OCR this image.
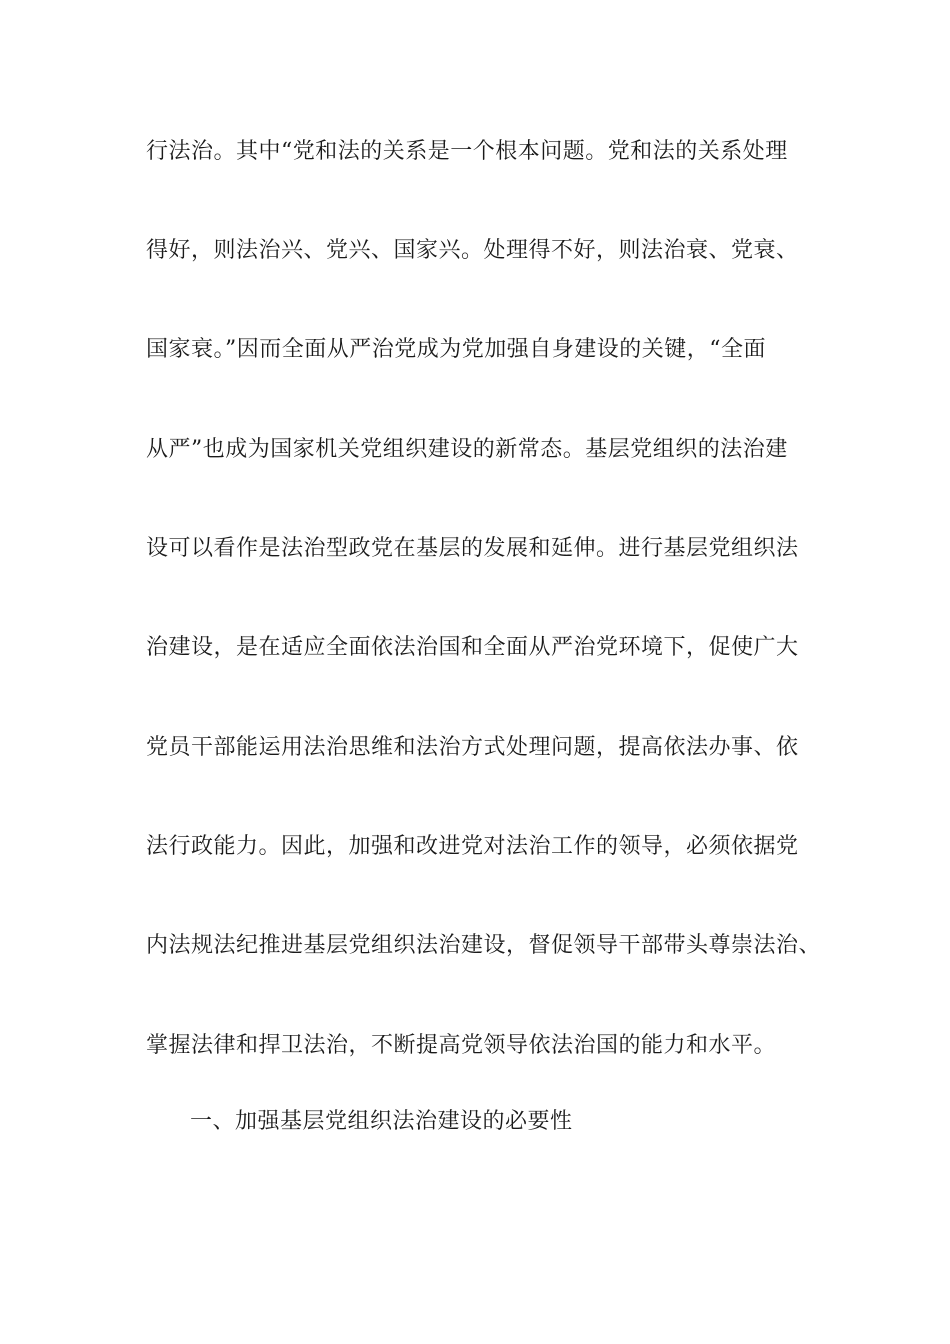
行法治。其中“党和法的关系是一个根本问题。党和法的关系处理

得好，则法治兴、党兴、国家兴。处理得不好，则法治衰、党衰、

国家衰。”因而全面从严治党成为党加强自身建设的关键，“全面

从严”也成为国家机关党组织建设的新常态。基层党组织的法治建

设可以看作是法治型政党在基层的发展和延伸。进行基层党组织法

治建设，是在适应全面依法治国和全面从严治党环境下，促使广大

党员干部能运用法治思维和法治方式处理问题，提高依法办事、依

法行政能力。因此，加强和改进党对法治工作的领导，必须依据党

内法规法纪推进基层党组织法治建设，督促领导干部带头尊崇法治、

掌握法律和捍卫法治，不断提高党领导依法治国的能力和水平。

一、加强基层党组织法治建设的必要性
